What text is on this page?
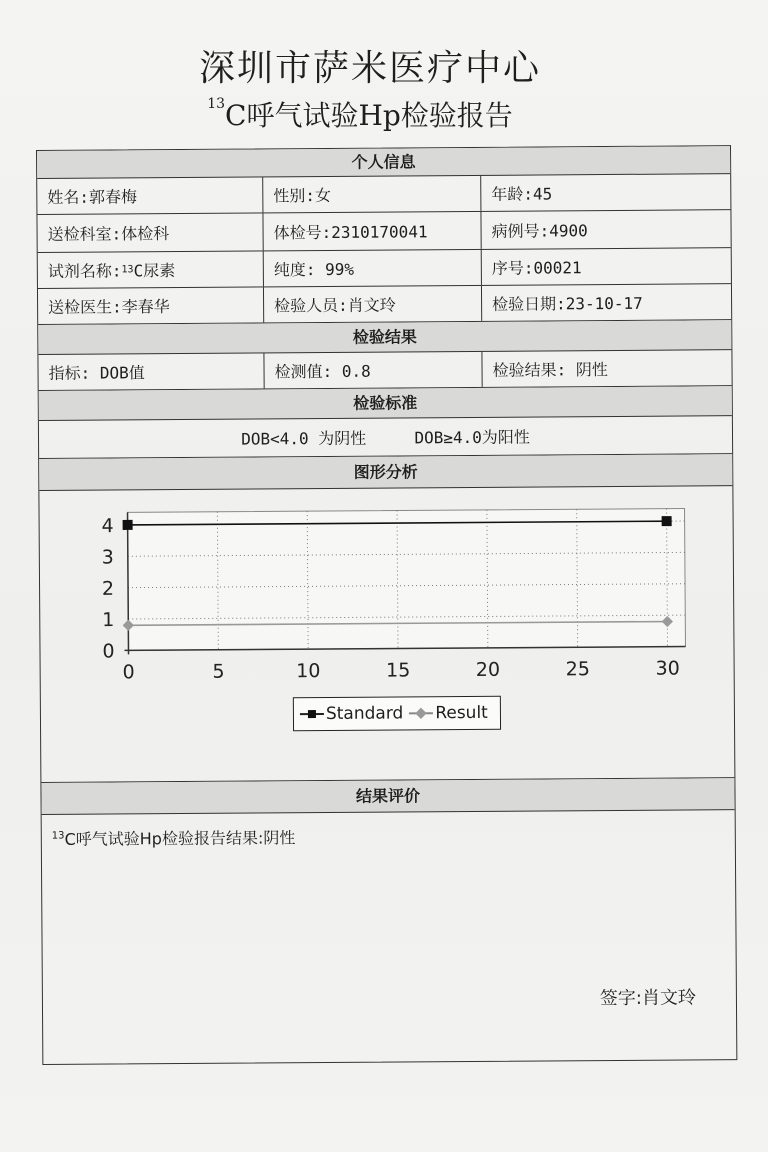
深圳市萨米医疗中心
$^{13}$C呼气试验Hp检验报告
个人信息
姓名:郭春梅	性别:女	年龄:45
送检科室:体检科	体检号:2310170041	病例号:4900
试剂名称: 13 C尿素	纯度: 99%	序号:00021
送检医生:李春华	检验人员:肖文玲	检验日期:23-10-17
检验结果
指标: DOB值	检测值: 0.8	检验结果: 阴性
检验标准
DOB<4.0 为阴性     DOB≥4.0为阳性
图形分析
0
1
2
3
4
0	5	10	15	20	25	30
Standard Result
结果评价
$^{13}$C呼气试验Hp检验报告结果:阴性
签字:肖文玲
